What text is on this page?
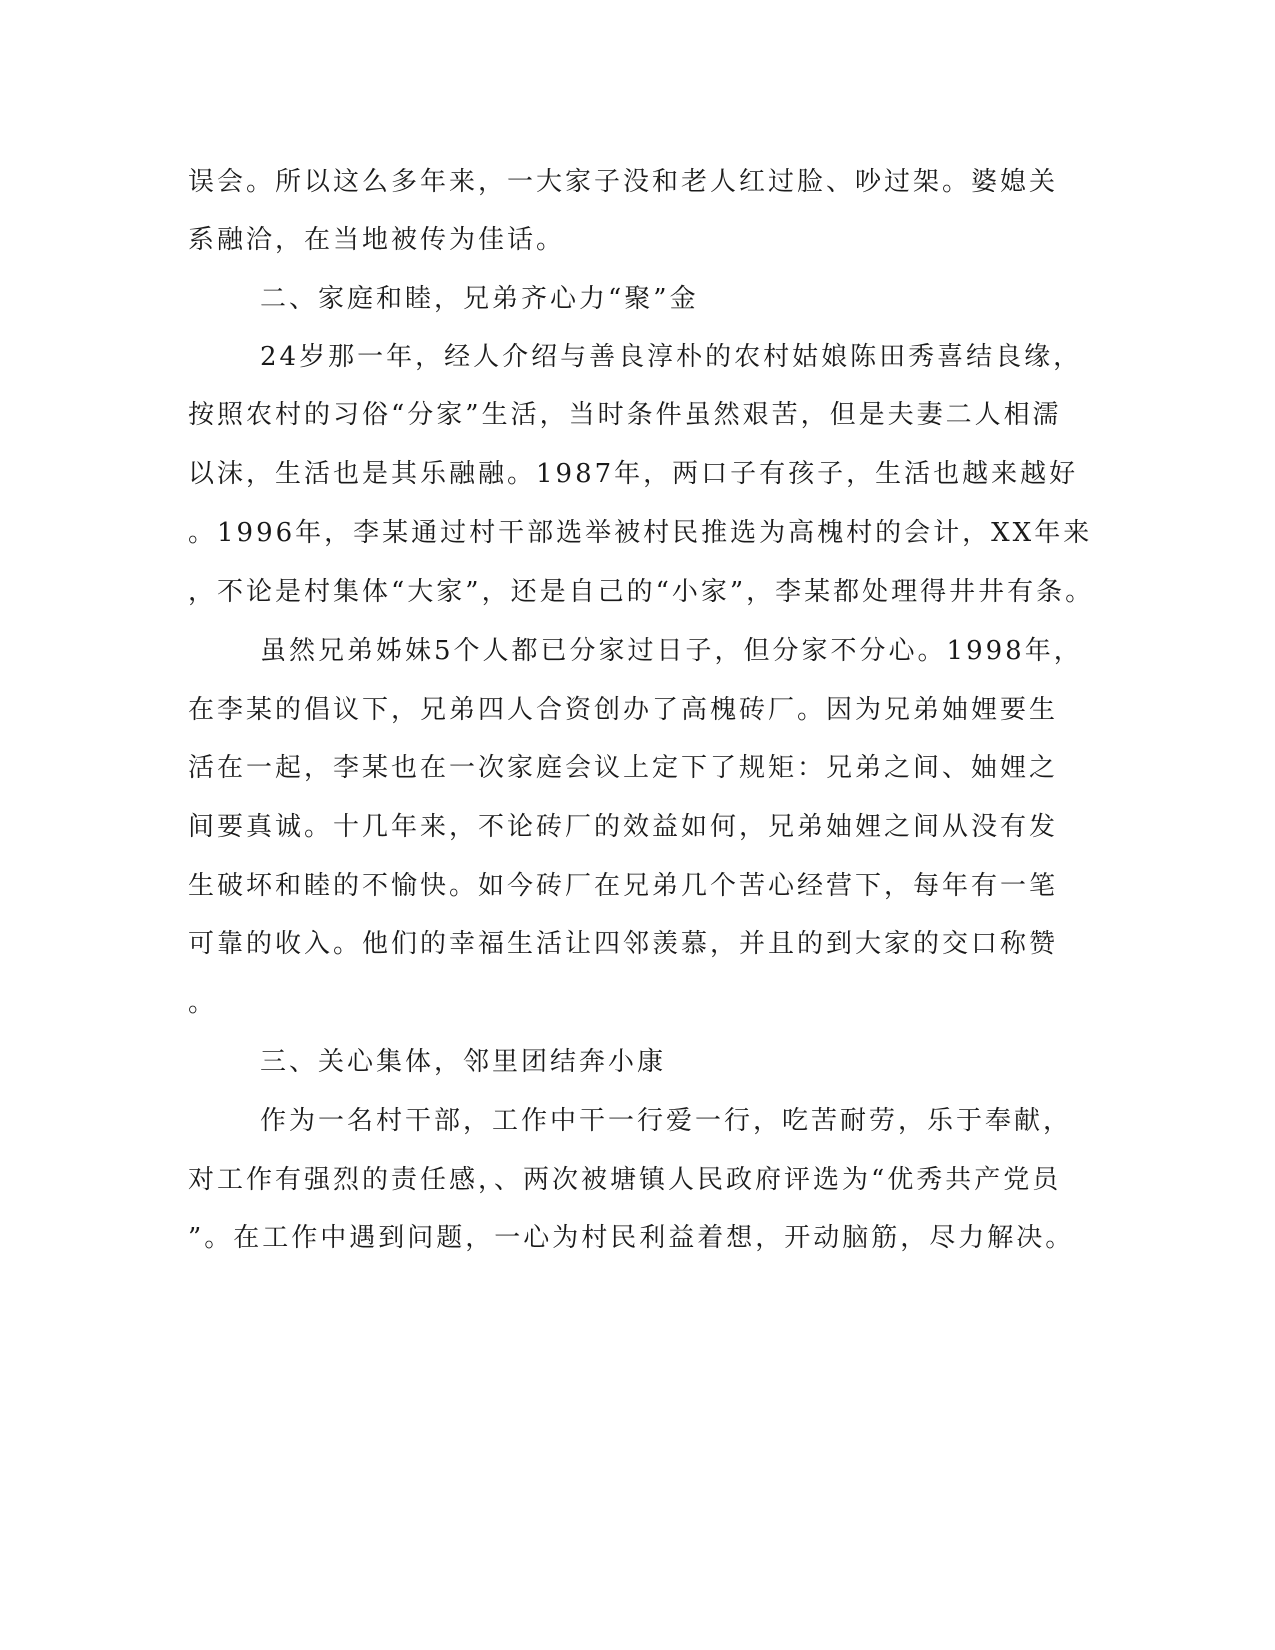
误会。所以这么多年来，一大家子没和老人红过脸、吵过架。婆媳关
系融洽，在当地被传为佳话。
二、家庭和睦，兄弟齐心力“聚”金
24岁那一年，经人介绍与善良淳朴的农村姑娘陈田秀喜结良缘，
按照农村的习俗“分家”生活，当时条件虽然艰苦，但是夫妻二人相濡
以沫，生活也是其乐融融。1987年，两口子有孩子，生活也越来越好
。1996年，李某通过村干部选举被村民推选为高槐村的会计，XX年来
，不论是村集体“大家”，还是自己的“小家”，李某都处理得井井有条。
虽然兄弟姊妹5个人都已分家过日子，但分家不分心。1998年，
在李某的倡议下，兄弟四人合资创办了高槐砖厂。因为兄弟妯娌要生
活在一起，李某也在一次家庭会议上定下了规矩：兄弟之间、妯娌之
间要真诚。十几年来，不论砖厂的效益如何，兄弟妯娌之间从没有发
生破坏和睦的不愉快。如今砖厂在兄弟几个苦心经营下，每年有一笔
可靠的收入。他们的幸福生活让四邻羡慕，并且的到大家的交口称赞
。
三、关心集体，邻里团结奔小康
作为一名村干部，工作中干一行爱一行，吃苦耐劳，乐于奉献，
对工作有强烈的责任感，、两次被塘镇人民政府评选为“优秀共产党员
”。在工作中遇到问题，一心为村民利益着想，开动脑筋，尽力解决。
